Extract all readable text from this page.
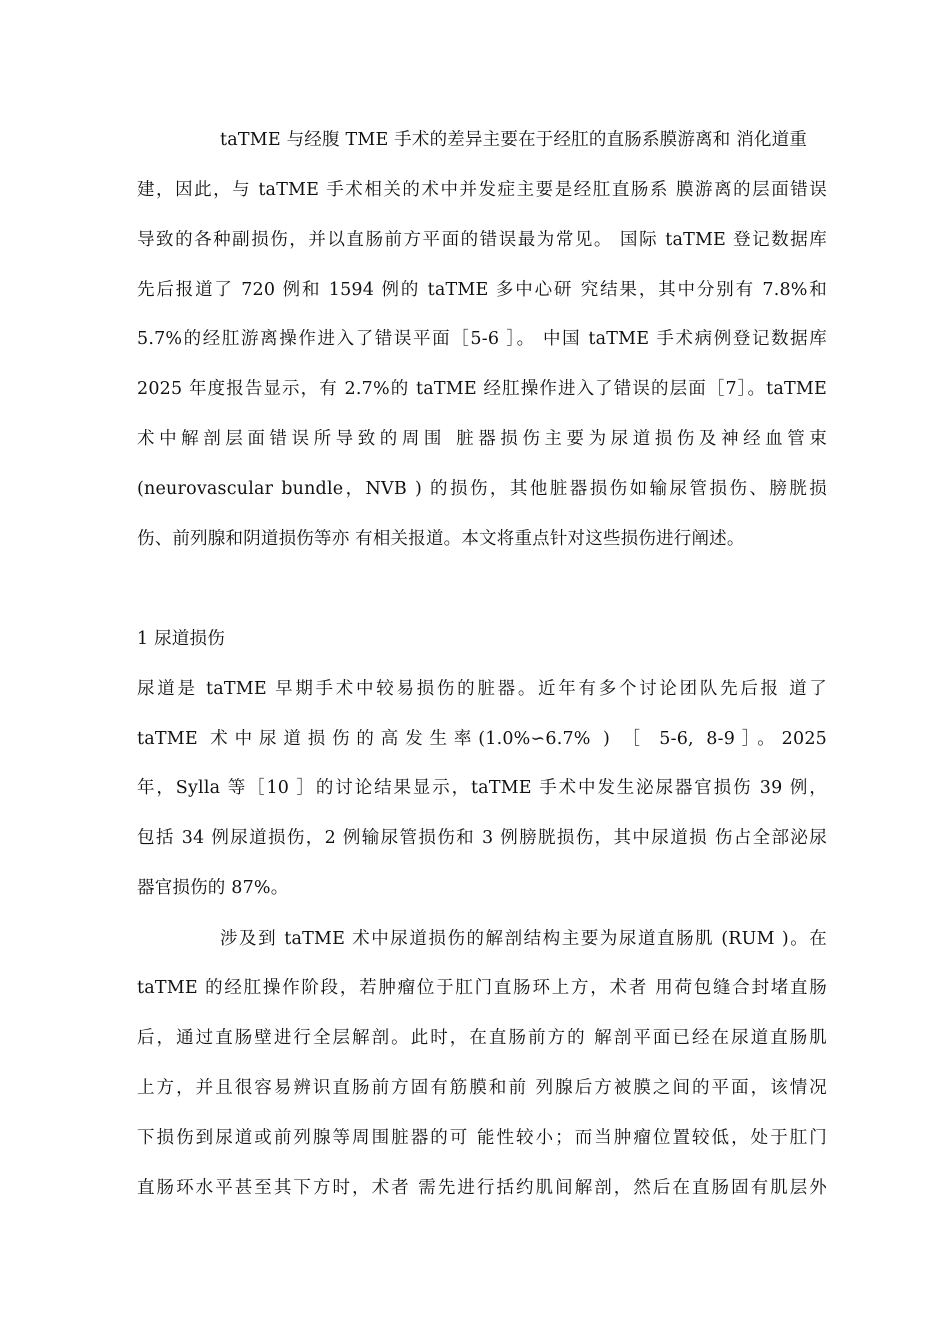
taTME 与经腹 TME 手术的差异主要在于经肛的直肠系膜游离和 消化道重
建，因此，与 taTME 手术相关的术中并发症主要是经肛直肠系 膜游离的层面错误
导致的各种副损伤，并以直肠前方平面的错误最为常见。 国际 taTME 登记数据库
先后报道了 720 例和 1594 例的 taTME 多中心研 究结果，其中分别有 7.8%和
5.7%的经肛游离操作进入了错误平面［5-6 ］。 中国 taTME 手术病例登记数据库
2025 年度报告显示，有 2.7%的 taTME 经肛操作进入了错误的层面［7］。taTME
术中解剖层面错误所导致的周围 脏器损伤主要为尿道损伤及神经血管束
(neurovascular bundle，NVB ) 的损伤，其他脏器损伤如输尿管损伤、膀胱损
伤、前列腺和阴道损伤等亦 有相关报道。本文将重点针对这些损伤进行阐述。
1 尿道损伤
尿道是 taTME 早期手术中较易损伤的脏器。近年有多个讨论团队先后报 道了
taTME 术中尿道损伤的高发生率(1.0%∽6.7% ) ［ 5-6, 8-9］。2025
年，Sylla 等［10 ］的讨论结果显示，taTME 手术中发生泌尿器官损伤 39 例，
包括 34 例尿道损伤，2 例输尿管损伤和 3 例膀胱损伤，其中尿道损 伤占全部泌尿
器官损伤的 87%。
涉及到 taTME 术中尿道损伤的解剖结构主要为尿道直肠肌 (RUM )。在
taTME 的经肛操作阶段，若肿瘤位于肛门直肠环上方，术者 用荷包缝合封堵直肠
后，通过直肠壁进行全层解剖。此时，在直肠前方的 解剖平面已经在尿道直肠肌
上方，并且很容易辨识直肠前方固有筋膜和前 列腺后方被膜之间的平面，该情况
下损伤到尿道或前列腺等周围脏器的可 能性较小；而当肿瘤位置较低，处于肛门
直肠环水平甚至其下方时，术者 需先进行括约肌间解剖，然后在直肠固有肌层外
